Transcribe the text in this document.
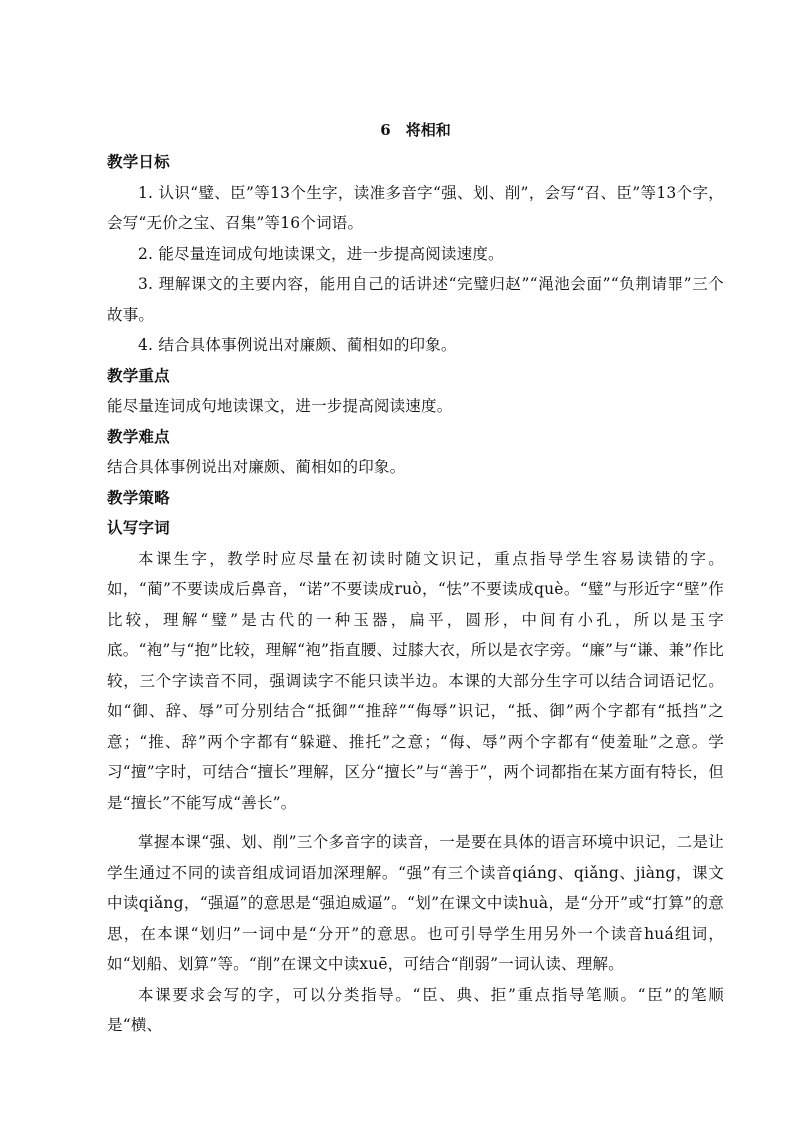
6　将相和

教学日标

1. 认识“璧、臣”等13个生字，读准多音字“强、划、削”，会写“召、臣”等13个字，会写“无价之宝、召集”等16个词语。

2. 能尽量连词成句地读课文，进一步提高阅读速度。

3. 理解课文的主要内容，能用自己的话讲述“完璧归赵”“渑池会面”“负荆请罪”三个故事。

4. 结合具体事例说出对廉颇、蔺相如的印象。

教学重点

能尽量连词成句地读课文，进一步提高阅读速度。

教学难点

结合具体事例说出对廉颇、蔺相如的印象。

教学策略

认写字词

本课生字，教学时应尽量在初读时随文识记，重点指导学生容易读错的字。如，“蔺”不要读成后鼻音，“诺”不要读成ruò，“怯”不要读成què。“璧”与形近字“壁”作比较，理解“璧”是古代的一种玉器，扁平，圆形，中间有小孔，所以是玉字底。“袍”与“抱”比较，理解“袍”指直腰、过膝大衣，所以是衣字旁。“廉”与“谦、兼”作比较，三个字读音不同，强调读字不能只读半边。本课的大部分生字可以结合词语记忆。如“御、辞、辱”可分别结合“抵御”“推辞”“侮辱”识记，“抵、御”两个字都有“抵挡”之意；“推、辞”两个字都有“躲避、推托”之意；“侮、辱”两个字都有“使羞耻”之意。学习“擅”字时，可结合“擅长”理解，区分“擅长”与“善于”，两个词都指在某方面有特长，但是“擅长”不能写成“善长”。

掌握本课“强、划、削”三个多音字的读音，一是要在具体的语言环境中识记，二是让学生通过不同的读音组成词语加深理解。“强”有三个读音qiáng、qiǎng、jiàng，课文中读qiǎng，“强逼”的意思是“强迫威逼”。“划”在课文中读huà，是“分开”或“打算”的意思，在本课“划归”一词中是“分开”的意思。也可引导学生用另外一个读音huá组词，如“划船、划算”等。“削”在课文中读xuē，可结合“削弱”一词认读、理解。

本课要求会写的字，可以分类指导。“臣、典、拒”重点指导笔顺。“臣”的笔顺是“横、
